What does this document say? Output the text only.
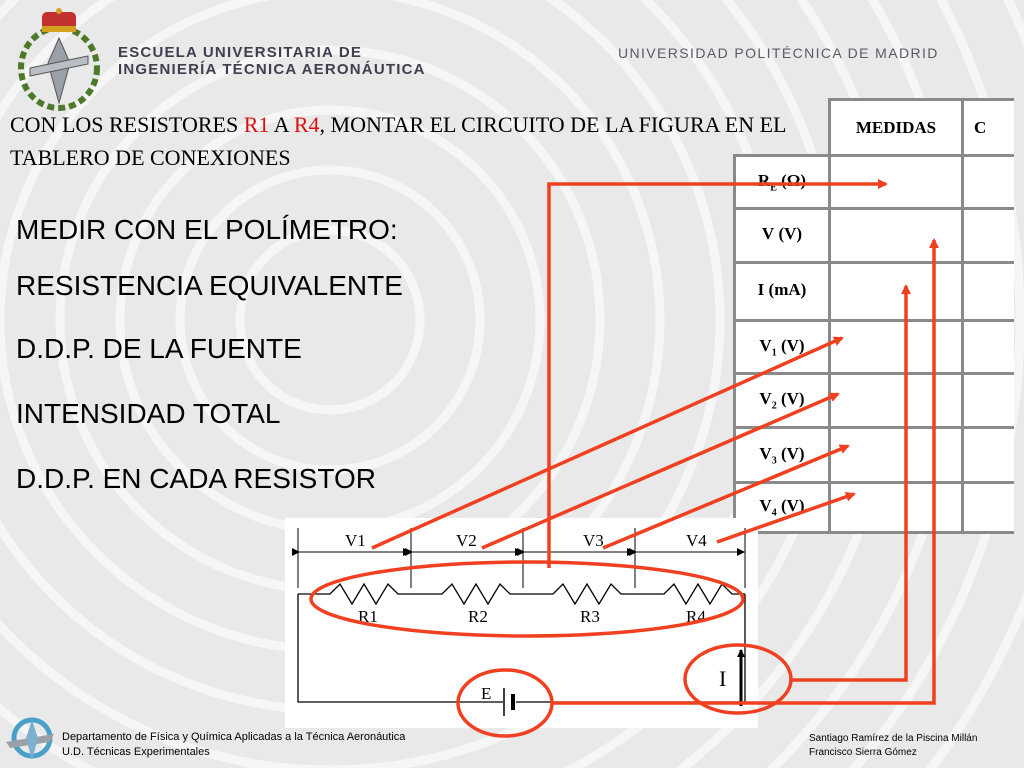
ESCUELA UNIVERSITARIA DE
INGENIERÍA TÉCNICA AERONÁUTICA
UNIVERSIDAD POLITÉCNICA DE MADRID
CON LOS RESISTORES R1 A R4, MONTAR EL CIRCUITO DE LA FIGURA EN EL TABLERO DE CONEXIONES
MEDIR CON EL POLÍMETRO:
RESISTENCIA EQUIVALENTE
D.D.P. DE LA FUENTE
INTENSIDAD TOTAL
D.D.P. EN CADA RESISTOR
	MEDIDAS	C
$R_E$ (Ω)		
V (V)		
I (mA)		
$V_1$ (V)		
$V_2$ (V)		
$V_3$ (V)		
$V_4$ (V)		
V1	V2	V3	V4
R1	R2	R3	R4
E
I
Departamento de Física y Química Aplicadas a la Técnica Aeronáutica
U.D. Técnicas Experimentales
Santiago Ramírez de la Piscina Millán
Francisco Sierra Gómez
